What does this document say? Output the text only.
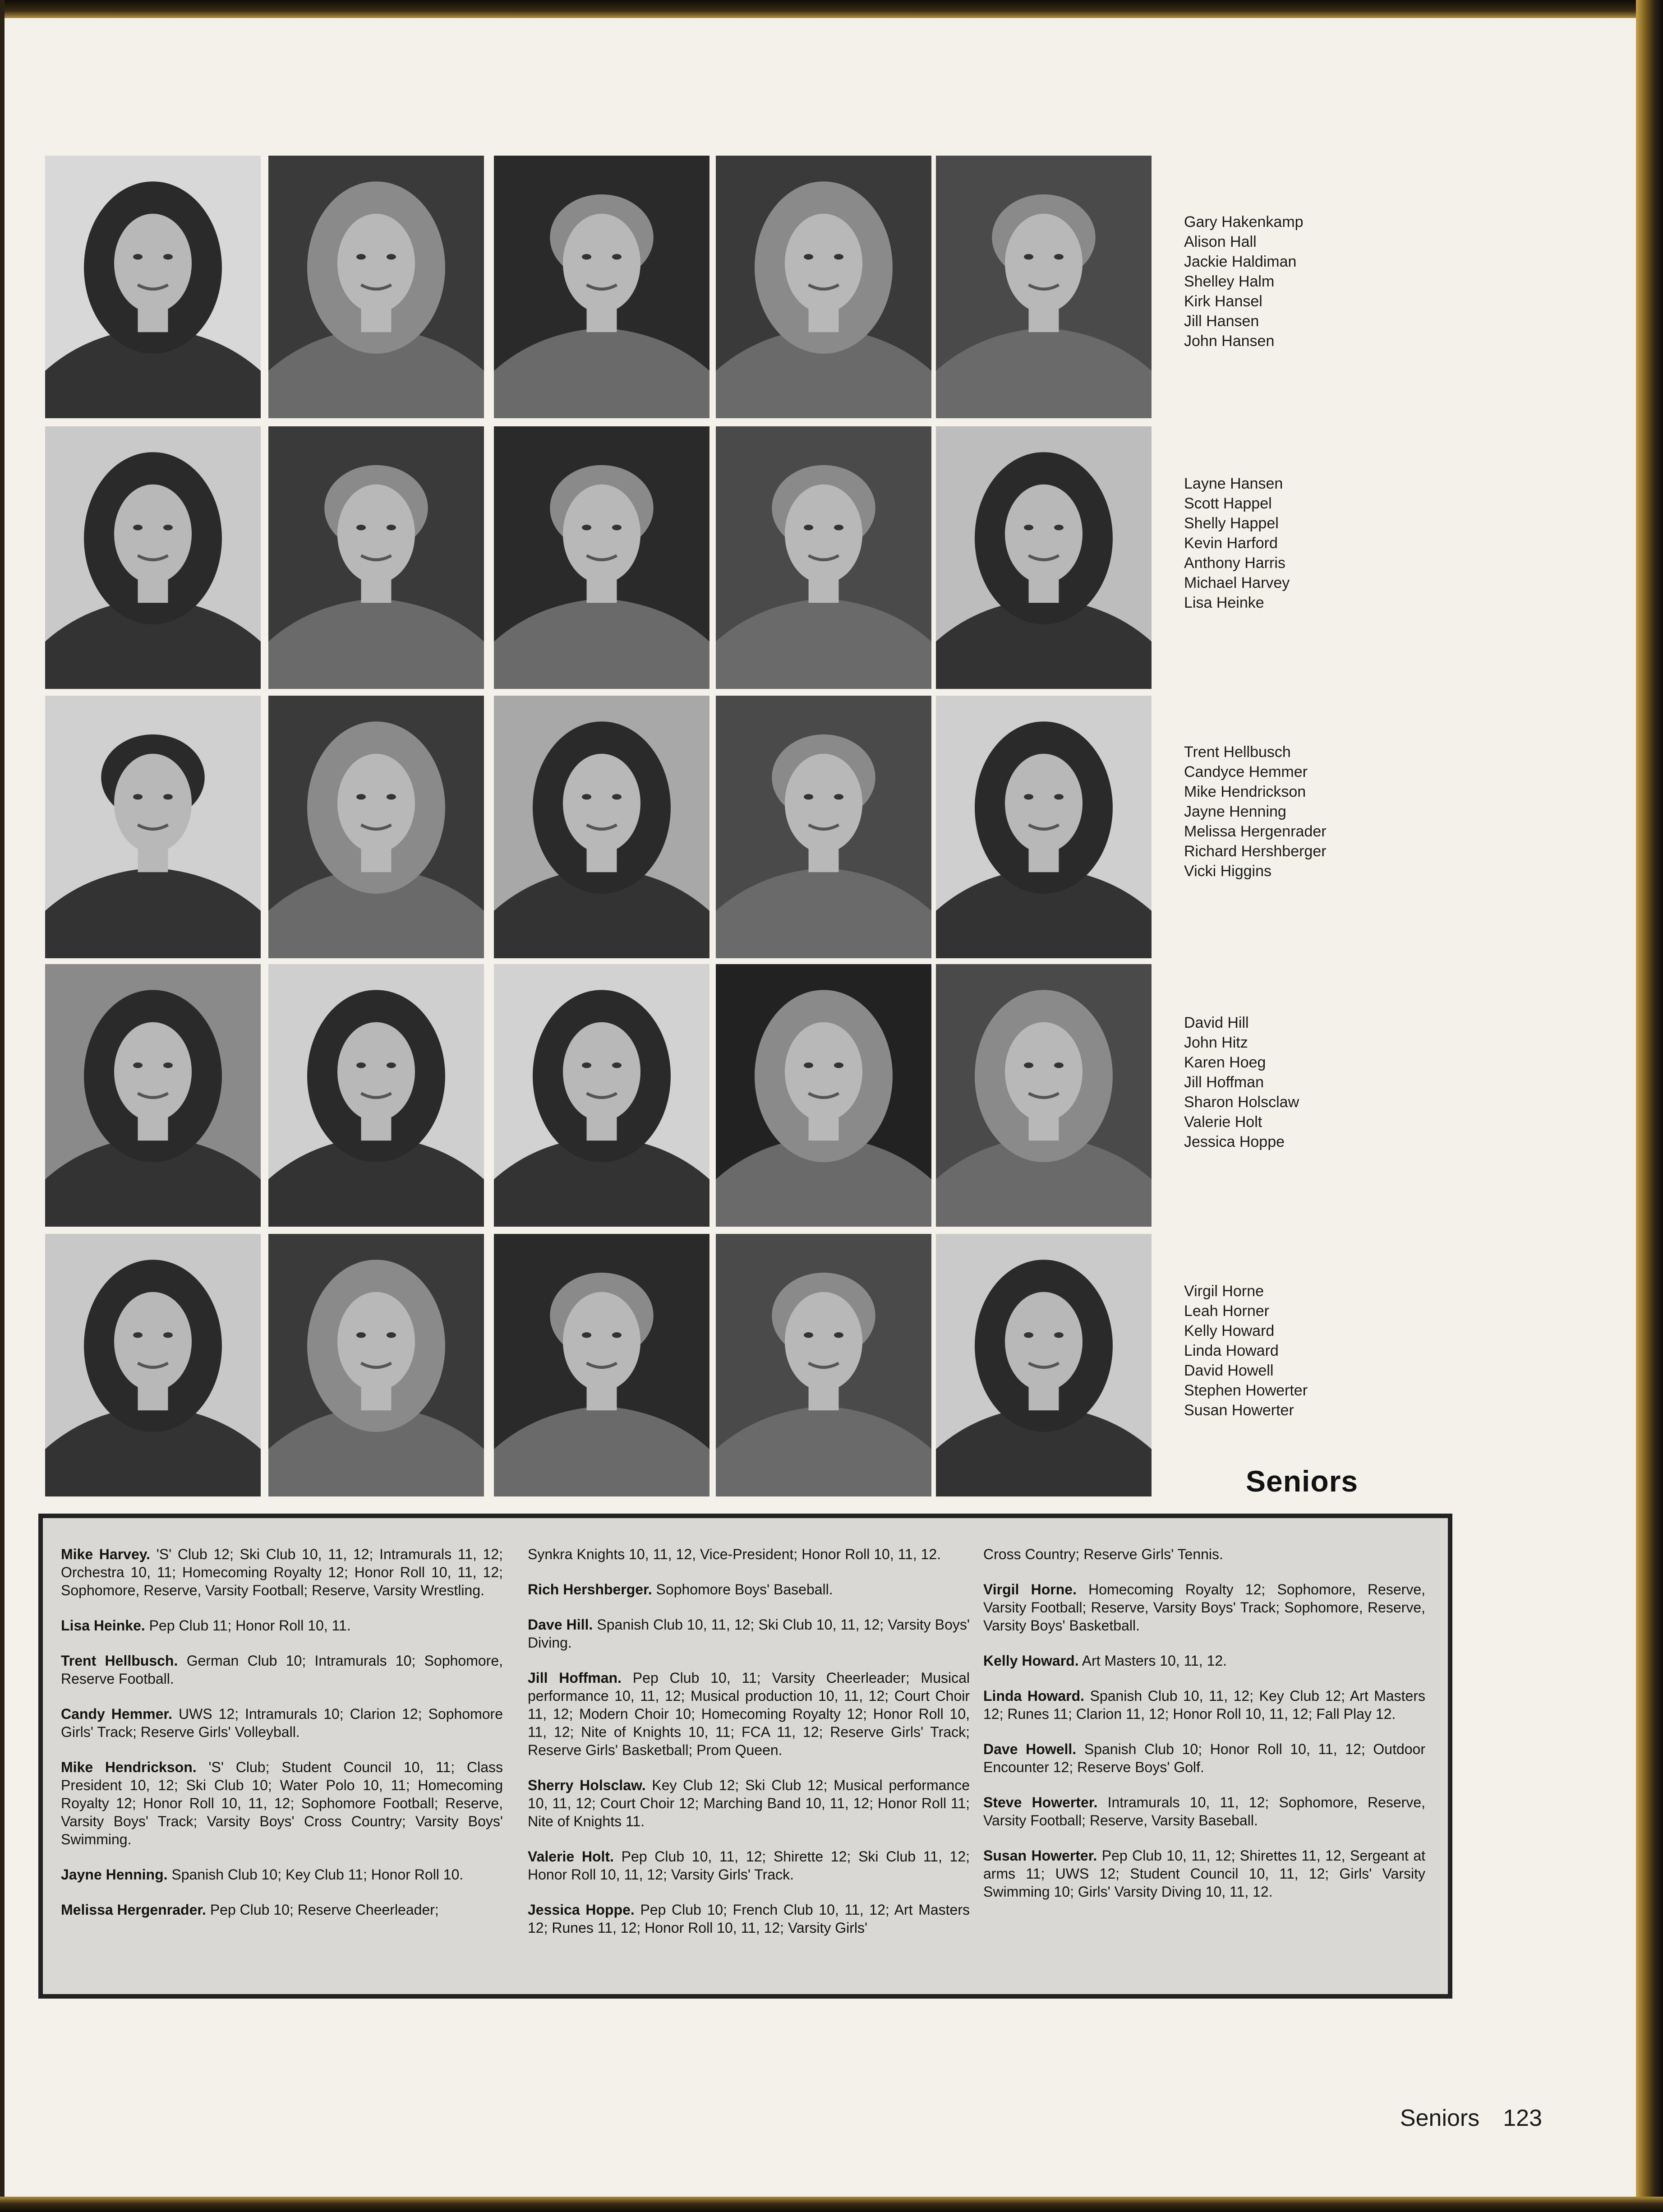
Gary Hakenkamp
Alison Hall
Jackie Haldiman
Shelley Halm
Kirk Hansel
Jill Hansen
John Hansen
Layne Hansen
Scott Happel
Shelly Happel
Kevin Harford
Anthony Harris
Michael Harvey
Lisa Heinke
Trent Hellbusch
Candyce Hemmer
Mike Hendrickson
Jayne Henning
Melissa Hergenrader
Richard Hershberger
Vicki Higgins
David Hill
John Hitz
Karen Hoeg
Jill Hoffman
Sharon Holsclaw
Valerie Holt
Jessica Hoppe
Virgil Horne
Leah Horner
Kelly Howard
Linda Howard
David Howell
Stephen Howerter
Susan Howerter
Seniors

Mike Harvey. 'S' Club 12; Ski Club 10, 11, 12; Intramurals 11, 12; Orchestra 10, 11; Homecoming Royalty 12; Honor Roll 10, 11, 12; Sophomore, Reserve, Varsity Football; Reserve, Varsity Wrestling.

Lisa Heinke. Pep Club 11; Honor Roll 10, 11.

Trent Hellbusch. German Club 10; Intramurals 10; Sophomore, Reserve Football.

Candy Hemmer. UWS 12; Intramurals 10; Clarion 12; Sophomore Girls' Track; Reserve Girls' Volleyball.

Mike Hendrickson. 'S' Club; Student Council 10, 11; Class President 10, 12; Ski Club 10; Water Polo 10, 11; Homecoming Royalty 12; Honor Roll 10, 11, 12; Sophomore Football; Reserve, Varsity Boys' Track; Varsity Boys' Cross Country; Varsity Boys' Swimming.

Jayne Henning. Spanish Club 10; Key Club 11; Honor Roll 10.

Melissa Hergenrader. Pep Club 10; Reserve Cheerleader;

Synkra Knights 10, 11, 12, Vice-President; Honor Roll 10, 11, 12.

Rich Hershberger. Sophomore Boys' Baseball.

Dave Hill. Spanish Club 10, 11, 12; Ski Club 10, 11, 12; Varsity Boys' Diving.

Jill Hoffman. Pep Club 10, 11; Varsity Cheerleader; Musical performance 10, 11, 12; Musical production 10, 11, 12; Court Choir 11, 12; Modern Choir 10; Homecoming Royalty 12; Honor Roll 10, 11, 12; Nite of Knights 10, 11; FCA 11, 12; Reserve Girls' Track; Reserve Girls' Basketball; Prom Queen.

Sherry Holsclaw. Key Club 12; Ski Club 12; Musical performance 10, 11, 12; Court Choir 12; Marching Band 10, 11, 12; Honor Roll 11; Nite of Knights 11.

Valerie Holt. Pep Club 10, 11, 12; Shirette 12; Ski Club 11, 12; Honor Roll 10, 11, 12; Varsity Girls' Track.

Jessica Hoppe. Pep Club 10; French Club 10, 11, 12; Art Masters 12; Runes 11, 12; Honor Roll 10, 11, 12; Varsity Girls'

Cross Country; Reserve Girls' Tennis.

Virgil Horne. Homecoming Royalty 12; Sophomore, Reserve, Varsity Football; Reserve, Varsity Boys' Track; Sophomore, Reserve, Varsity Boys' Basketball.

Kelly Howard. Art Masters 10, 11, 12.

Linda Howard. Spanish Club 10, 11, 12; Key Club 12; Art Masters 12; Runes 11; Clarion 11, 12; Honor Roll 10, 11, 12; Fall Play 12.

Dave Howell. Spanish Club 10; Honor Roll 10, 11, 12; Outdoor Encounter 12; Reserve Boys' Golf.

Steve Howerter. Intramurals 10, 11, 12; Sophomore, Reserve, Varsity Football; Reserve, Varsity Baseball.

Susan Howerter. Pep Club 10, 11, 12; Shirettes 11, 12, Sergeant at arms 11; UWS 12; Student Council 10, 11, 12; Girls' Varsity Swimming 10; Girls' Varsity Diving 10, 11, 12.

Seniors 123
